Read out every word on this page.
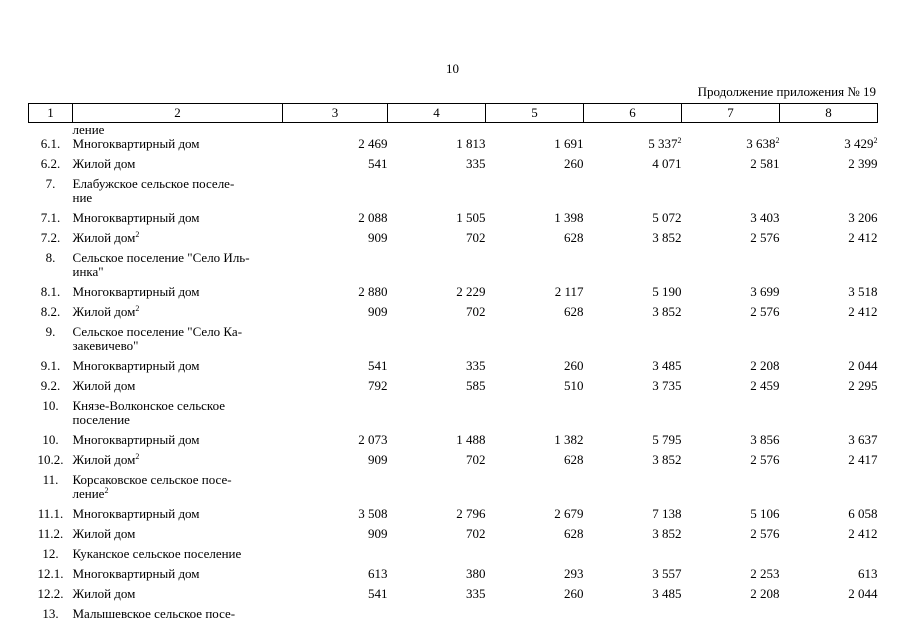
10
Продолжение приложения № 19
1	2	3	4	5	6	7	8
	ление						
6.1.	Многоквартирный дом	2 469	1 813	1 691	5 $337^2$	3 $638^2$	3 $429^2$
6.2.	Жилой дом	541	335	260	4 071	2 581	2 399
7.	Елабужское сельское поселе-
ние						
7.1.	Многоквартирный дом	2 088	1 505	1 398	5 072	3 403	3 206
7.2.	Жилой дом$^2$	909	702	628	3 852	2 576	2 412
8.	Сельское поселение "Село Иль-
инка"						
8.1.	Многоквартирный дом	2 880	2 229	2 117	5 190	3 699	3 518
8.2.	Жилой дом$^2$	909	702	628	3 852	2 576	2 412
9.	Сельское поселение "Село Ка-
закевичево"						
9.1.	Многоквартирный дом	541	335	260	3 485	2 208	2 044
9.2.	Жилой дом	792	585	510	3 735	2 459	2 295
10.	Князе-Волконское сельское
поселение						
10.	Многоквартирный дом	2 073	1 488	1 382	5 795	3 856	3 637
10.2.	Жилой дом$^2$	909	702	628	3 852	2 576	2 417
11.	Корсаковское сельское посе-
ление$^2$						
11.1.	Многоквартирный дом	3 508	2 796	2 679	7 138	5 106	6 058
11.2.	Жилой дом	909	702	628	3 852	2 576	2 412
12.	Куканское сельское поселение						
12.1.	Многоквартирный дом	613	380	293	3 557	2 253	613
12.2.	Жилой дом	541	335	260	3 485	2 208	2 044
13.	Малышевское сельское посе-						
